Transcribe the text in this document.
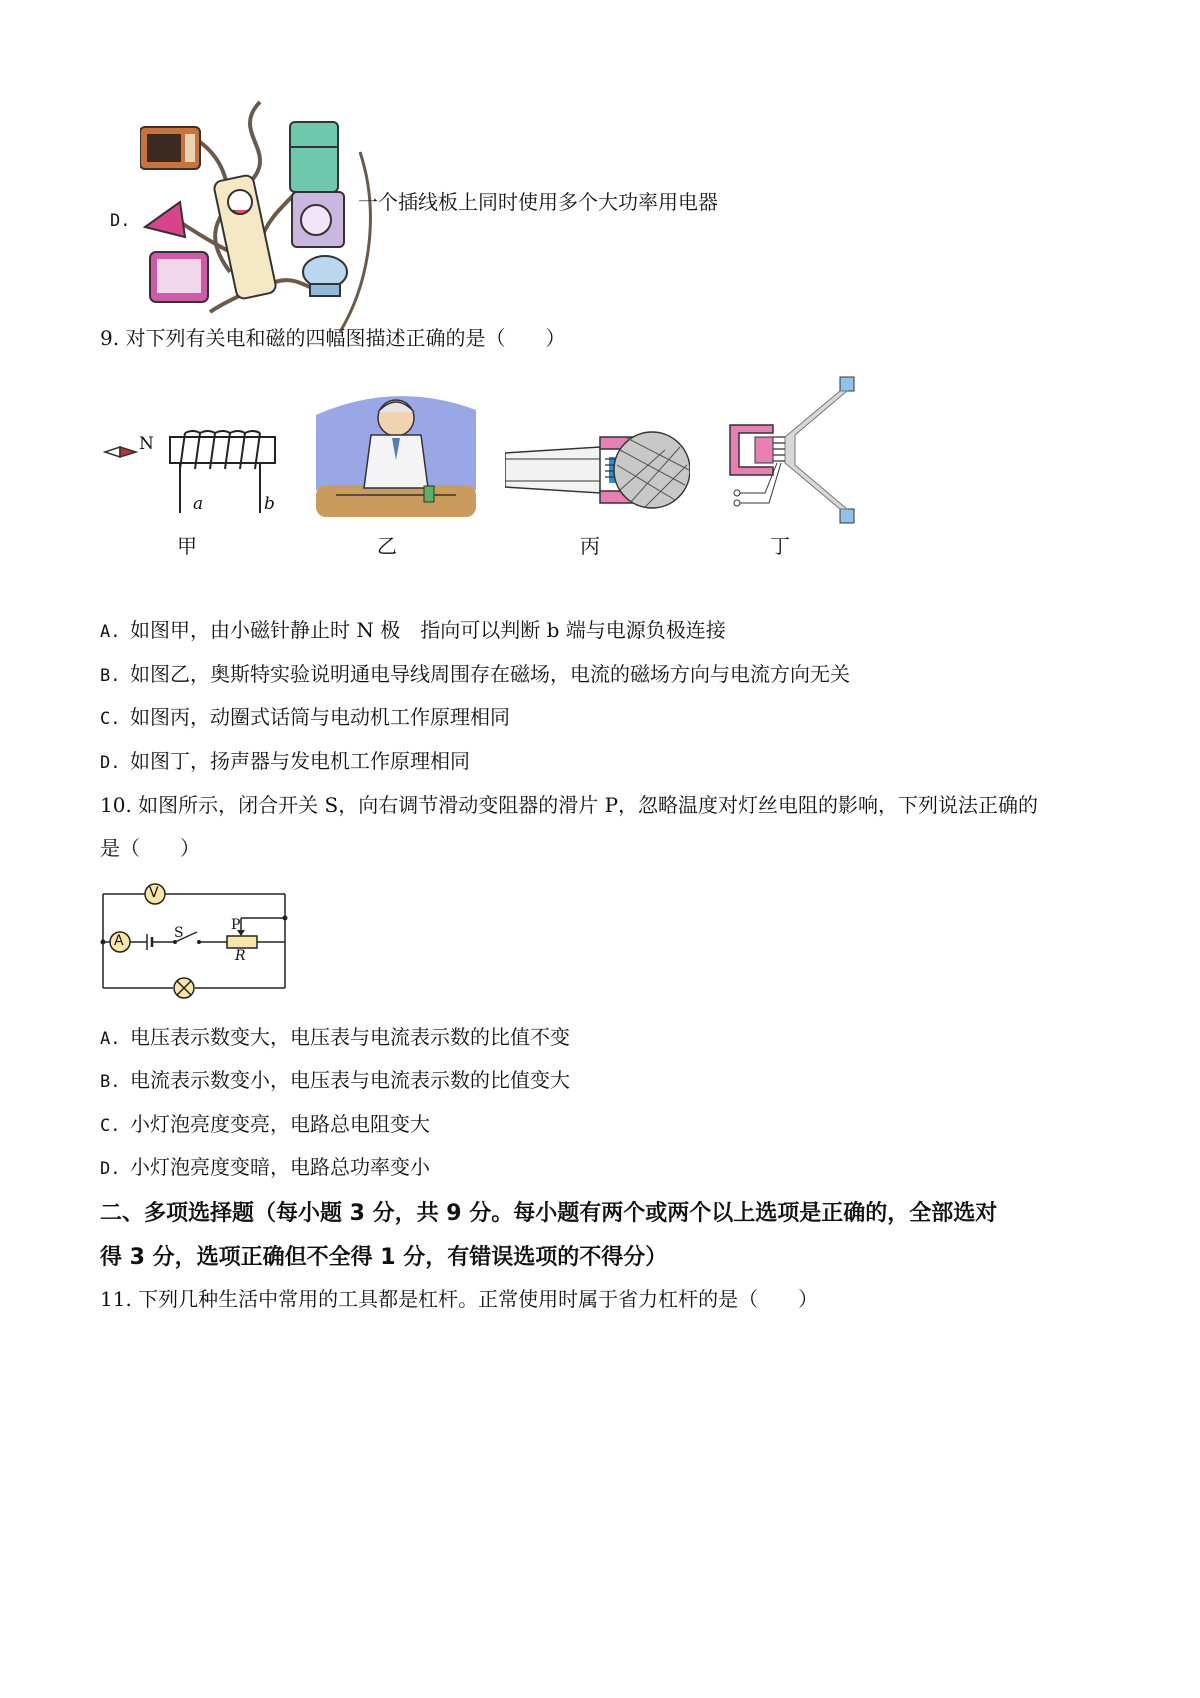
D.
一个插线板上同时使用多个大功率用电器
9. 对下列有关电和磁的四幅图描述正确的是（　　）
N
a	b
甲	乙	丙	丁
A. 如图甲，由小磁针静止时 N 极　指向可以判断 b 端与电源负极连接
B. 如图乙，奥斯特实验说明通电导线周围存在磁场，电流的磁场方向与电流方向无关
C. 如图丙，动圈式话筒与电动机工作原理相同
D. 如图丁，扬声器与发电机工作原理相同
10. 如图所示，闭合开关 S，向右调节滑动变阻器的滑片 P，忽略温度对灯丝电阻的影响，下列说法正确的
是（　　）
V
A	S	P
R
A. 电压表示数变大，电压表与电流表示数的比值不变
B. 电流表示数变小，电压表与电流表示数的比值变大
C. 小灯泡亮度变亮，电路总电阻变大
D. 小灯泡亮度变暗，电路总功率变小
二、多项选择题（每小题 3 分，共 9 分。每小题有两个或两个以上选项是正确的，全部选对
得 3 分，选项正确但不全得 1 分，有错误选项的不得分）
11. 下列几种生活中常用的工具都是杠杆。正常使用时属于省力杠杆的是（　　）
